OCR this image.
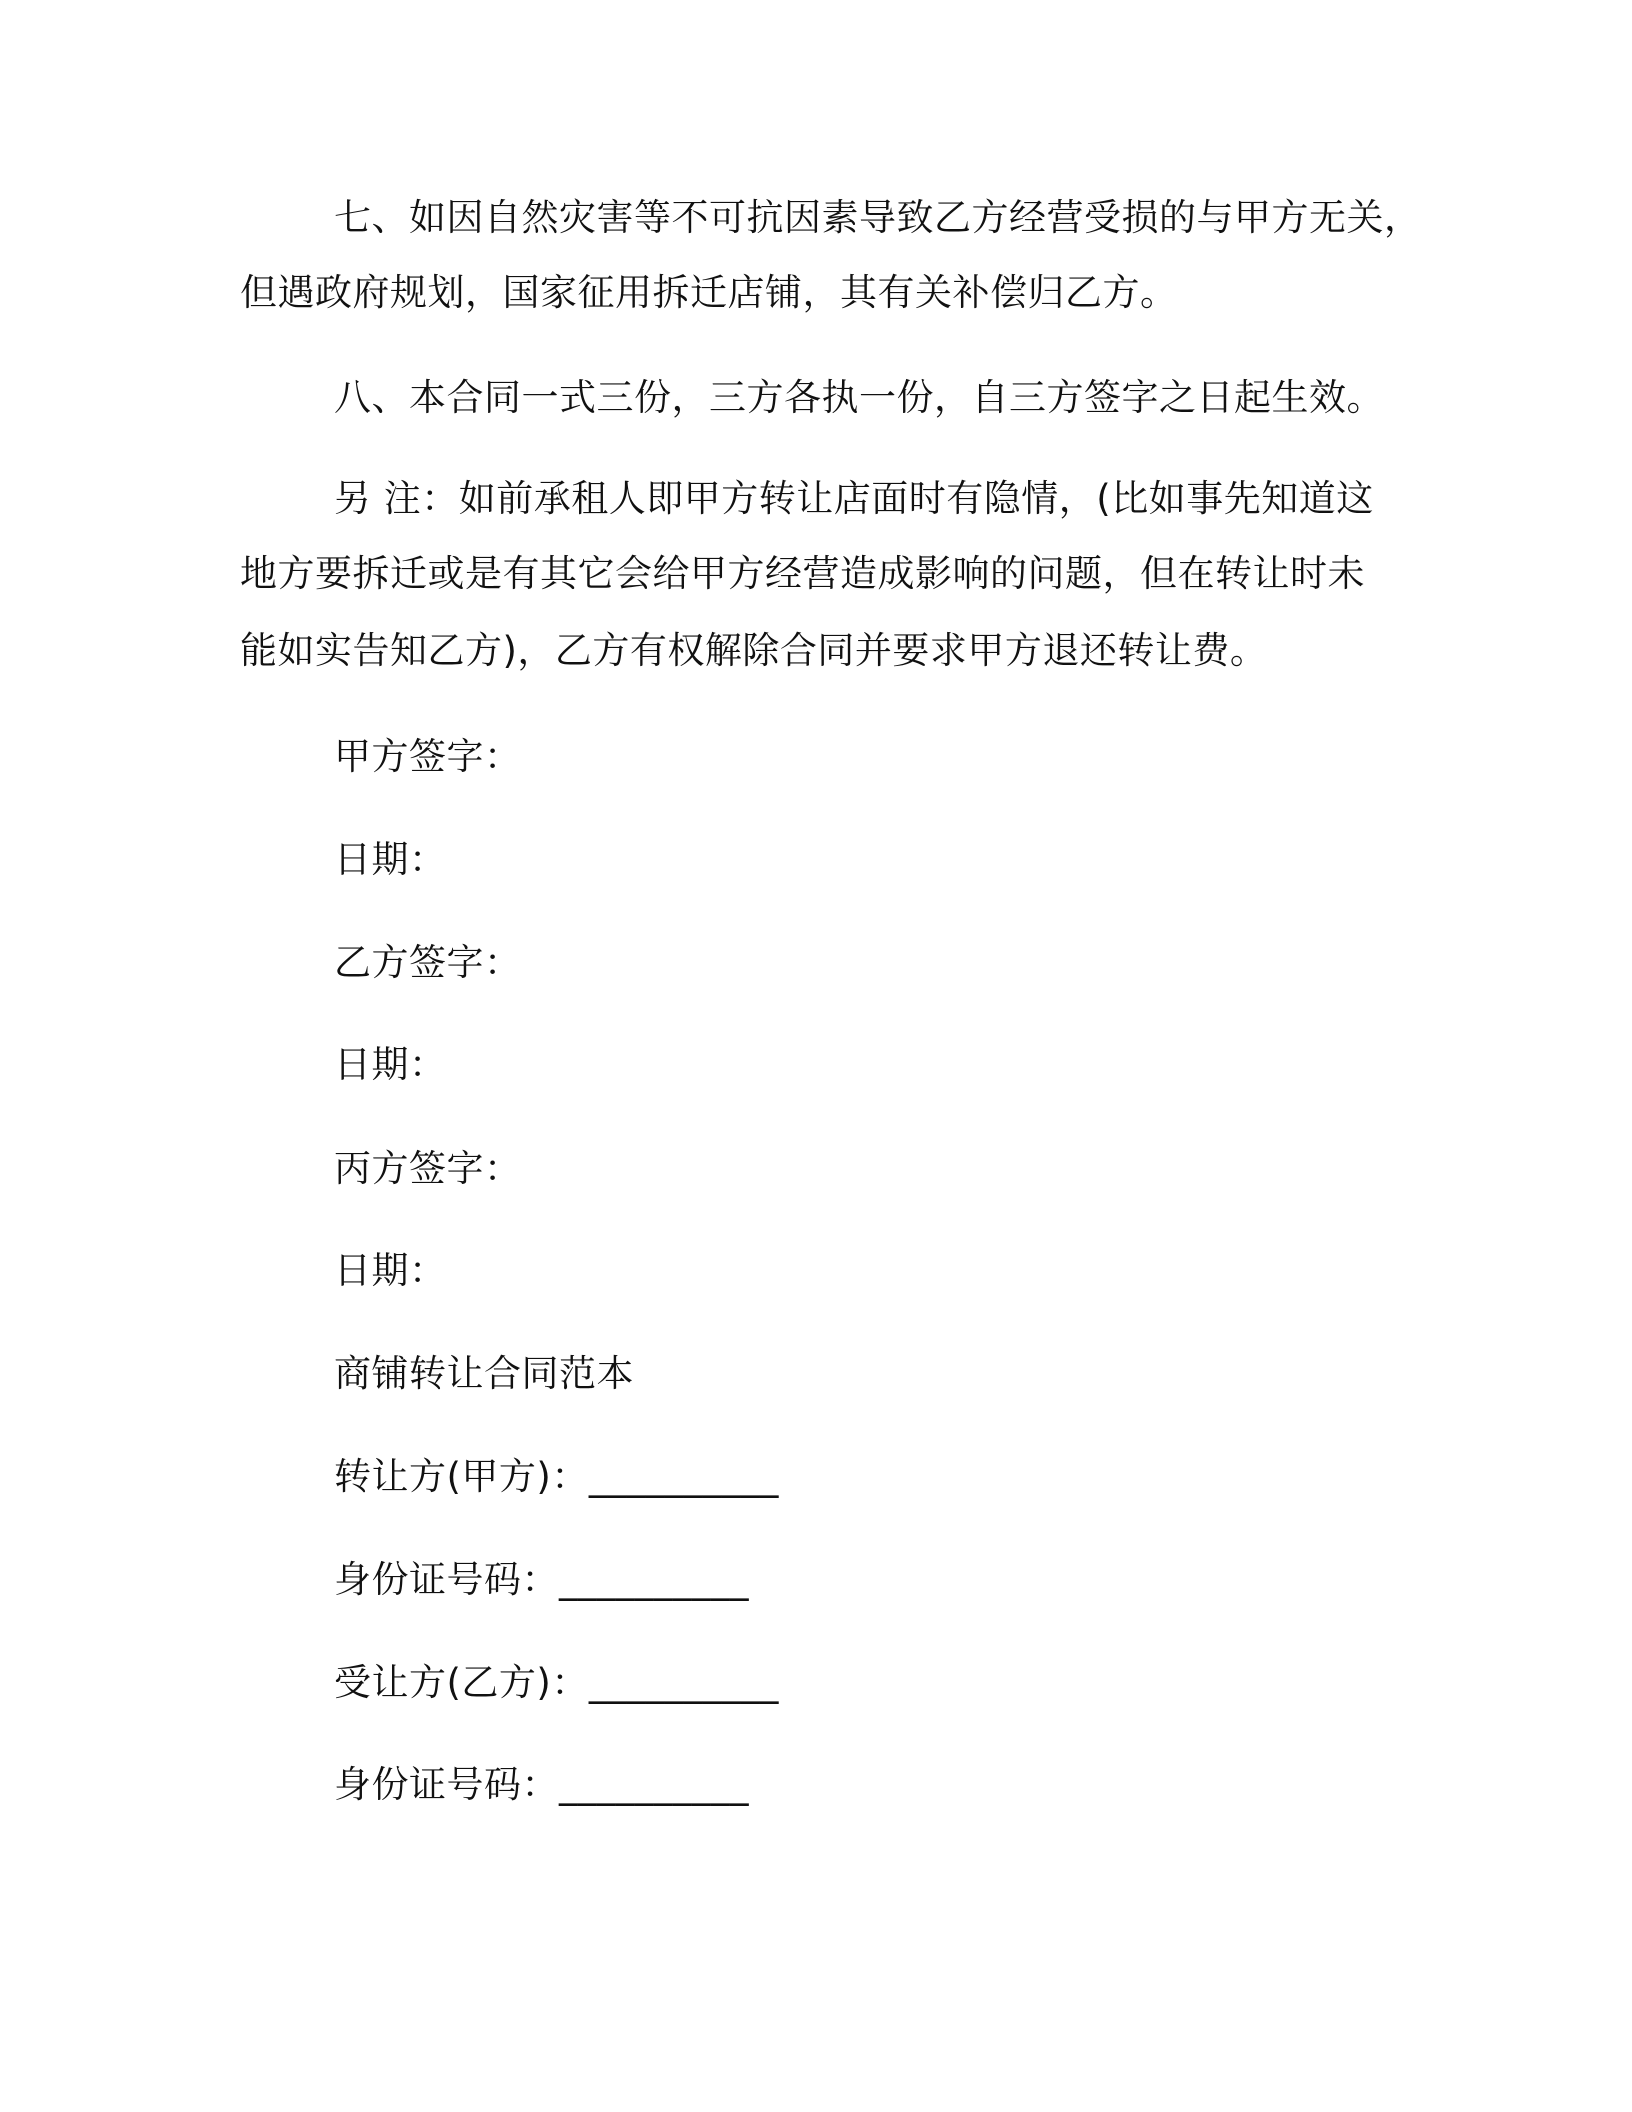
七、如因自然灾害等不可抗因素导致乙方经营受损的与甲方无关，
但遇政府规划，国家征用拆迁店铺，其有关补偿归乙方。
八、本合同一式三份，三方各执一份，自三方签字之日起生效。
另 注：如前承租人即甲方转让店面时有隐情，(比如事先知道这
地方要拆迁或是有其它会给甲方经营造成影响的问题，但在转让时未
能如实告知乙方)，乙方有权解除合同并要求甲方退还转让费。
甲方签字：
日期：
乙方签字：
日期：
丙方签字：
日期：
商铺转让合同范本
转让方(甲方)：__________
身份证号码：__________
受让方(乙方)：__________
身份证号码：__________
